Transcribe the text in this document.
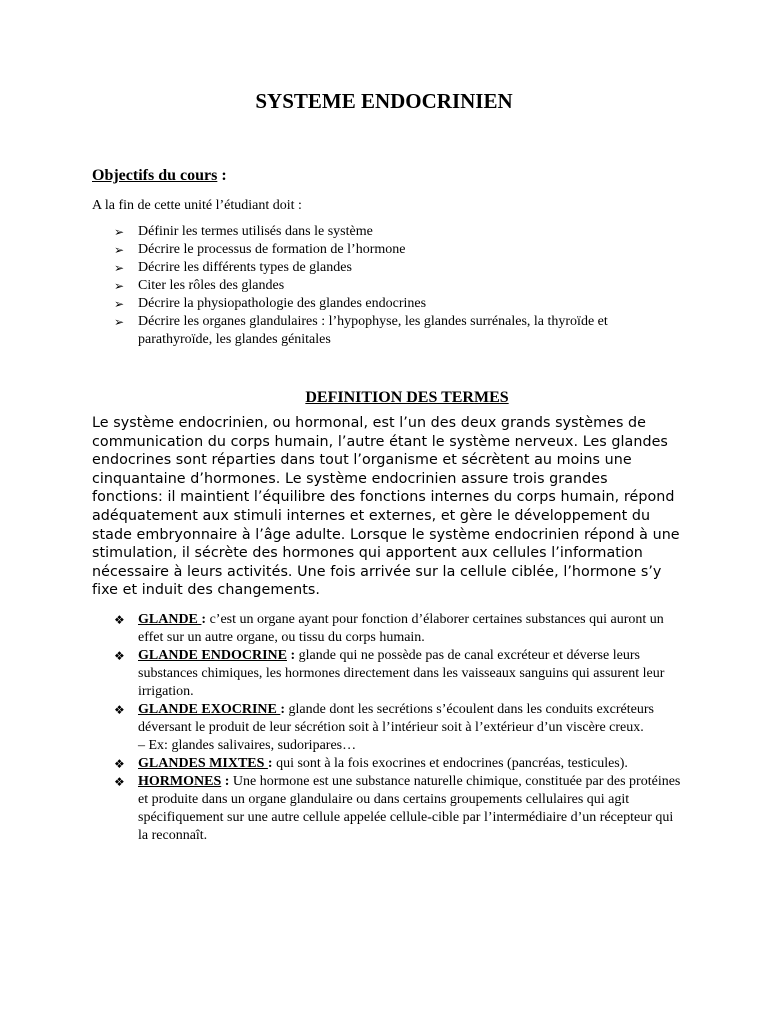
SYSTEME ENDOCRINIEN
Objectifs du cours :
A la fin de cette unité l’étudiant doit :
➢ Définir les termes utilisés dans le système
➢ Décrire le processus de formation de l’hormone
➢ Décrire les différents types de glandes
➢ Citer les rôles des glandes
➢ Décrire la physiopathologie des glandes endocrines
➢ Décrire les organes glandulaires : l’hypophyse, les glandes surrénales, la thyroïde et parathyroïde, les glandes génitales
DEFINITION DES TERMES
Le système endocrinien, ou hormonal, est l’un des deux grands systèmes de communication du corps humain, l’autre étant le système nerveux. Les glandes endocrines sont réparties dans tout l’organisme et sécrètent au moins une cinquantaine d’hormones. Le système endocrinien assure trois grandes fonctions: il maintient l’équilibre des fonctions internes du corps humain, répond adéquatement aux stimuli internes et externes, et gère le développement du stade embryonnaire à l’âge adulte. Lorsque le système endocrinien répond à une stimulation, il sécrète des hormones qui apportent aux cellules l’information nécessaire à leurs activités. Une fois arrivée sur la cellule ciblée, l’hormone s’y fixe et induit des changements.
❖ GLANDE : c’est un organe ayant pour fonction d’élaborer certaines substances qui auront un effet sur un autre organe, ou tissu du corps humain.
❖ GLANDE ENDOCRINE : glande qui ne possède pas de canal excréteur et déverse leurs substances chimiques, les hormones directement dans les vaisseaux sanguins qui assurent leur irrigation.
❖ GLANDE EXOCRINE : glande dont les secrétions s’écoulent dans les conduits excréteurs déversant le produit de leur sécrétion soit à l’intérieur soit à l’extérieur d’un viscère creux.
– Ex: glandes salivaires, sudoripares…
❖ GLANDES MIXTES : qui sont à la fois exocrines et endocrines (pancréas, testicules).
❖ HORMONES : Une hormone est une substance naturelle chimique, constituée par des protéines et produite dans un organe glandulaire ou dans certains groupements cellulaires qui agit spécifiquement sur une autre cellule appelée cellule-cible par l’intermédiaire d’un récepteur qui la reconnaît.
